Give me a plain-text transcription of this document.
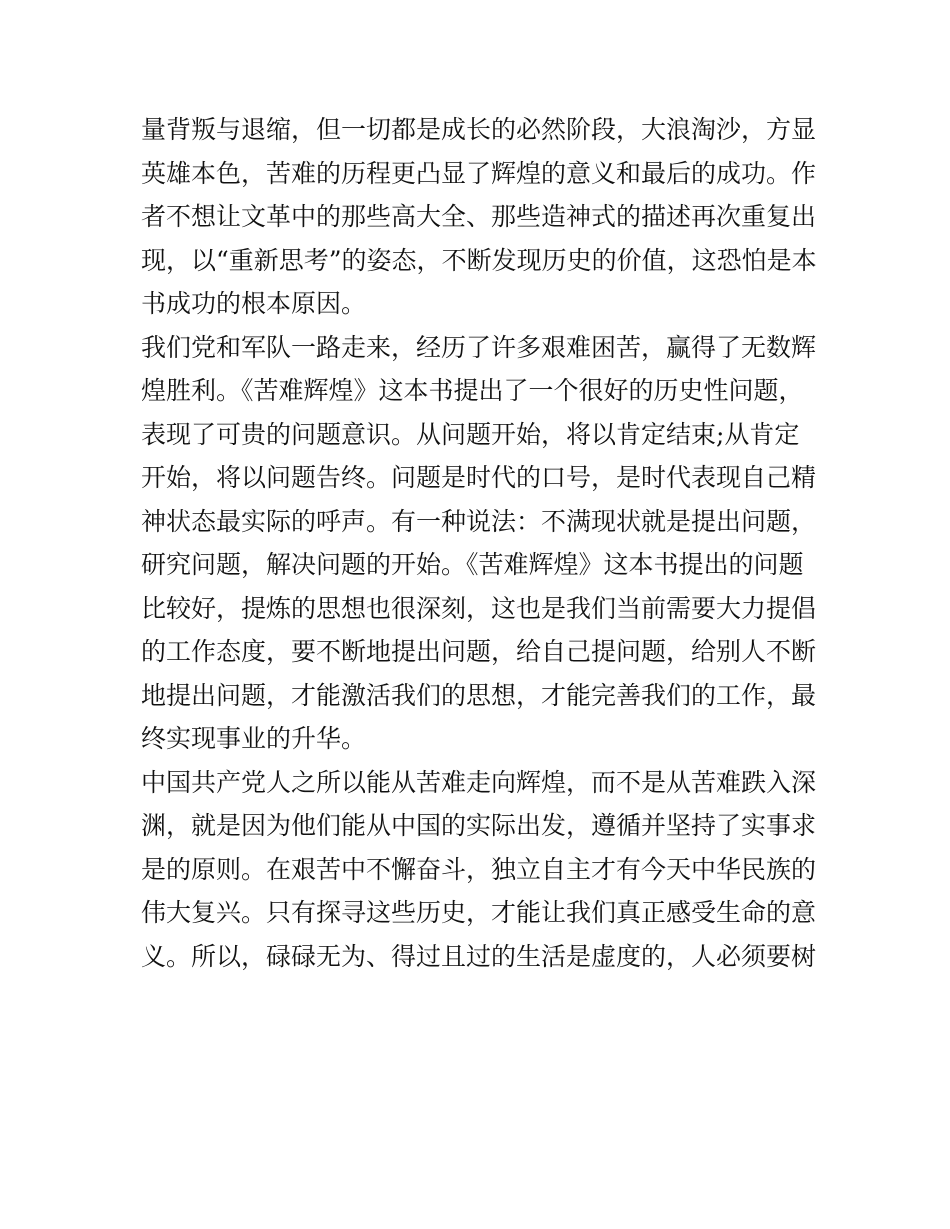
量背叛与退缩，但一切都是成长的必然阶段，大浪淘沙，方显
英雄本色，苦难的历程更凸显了辉煌的意义和最后的成功。作
者不想让文革中的那些高大全、那些造神式的描述再次重复出
现，以“重新思考”的姿态，不断发现历史的价值，这恐怕是本
书成功的根本原因。
我们党和军队一路走来，经历了许多艰难困苦，赢得了无数辉
煌胜利。《苦难辉煌》这本书提出了一个很好的历史性问题，
表现了可贵的问题意识。从问题开始，将以肯定结束;从肯定
开始，将以问题告终。问题是时代的口号，是时代表现自己精
神状态最实际的呼声。有一种说法：不满现状就是提出问题，
研究问题，解决问题的开始。《苦难辉煌》这本书提出的问题
比较好，提炼的思想也很深刻，这也是我们当前需要大力提倡
的工作态度，要不断地提出问题，给自己提问题，给别人不断
地提出问题，才能激活我们的思想，才能完善我们的工作，最
终实现事业的升华。
中国共产党人之所以能从苦难走向辉煌，而不是从苦难跌入深
渊，就是因为他们能从中国的实际出发，遵循并坚持了实事求
是的原则。在艰苦中不懈奋斗，独立自主才有今天中华民族的
伟大复兴。只有探寻这些历史，才能让我们真正感受生命的意
义。所以，碌碌无为、得过且过的生活是虚度的，人必须要树
